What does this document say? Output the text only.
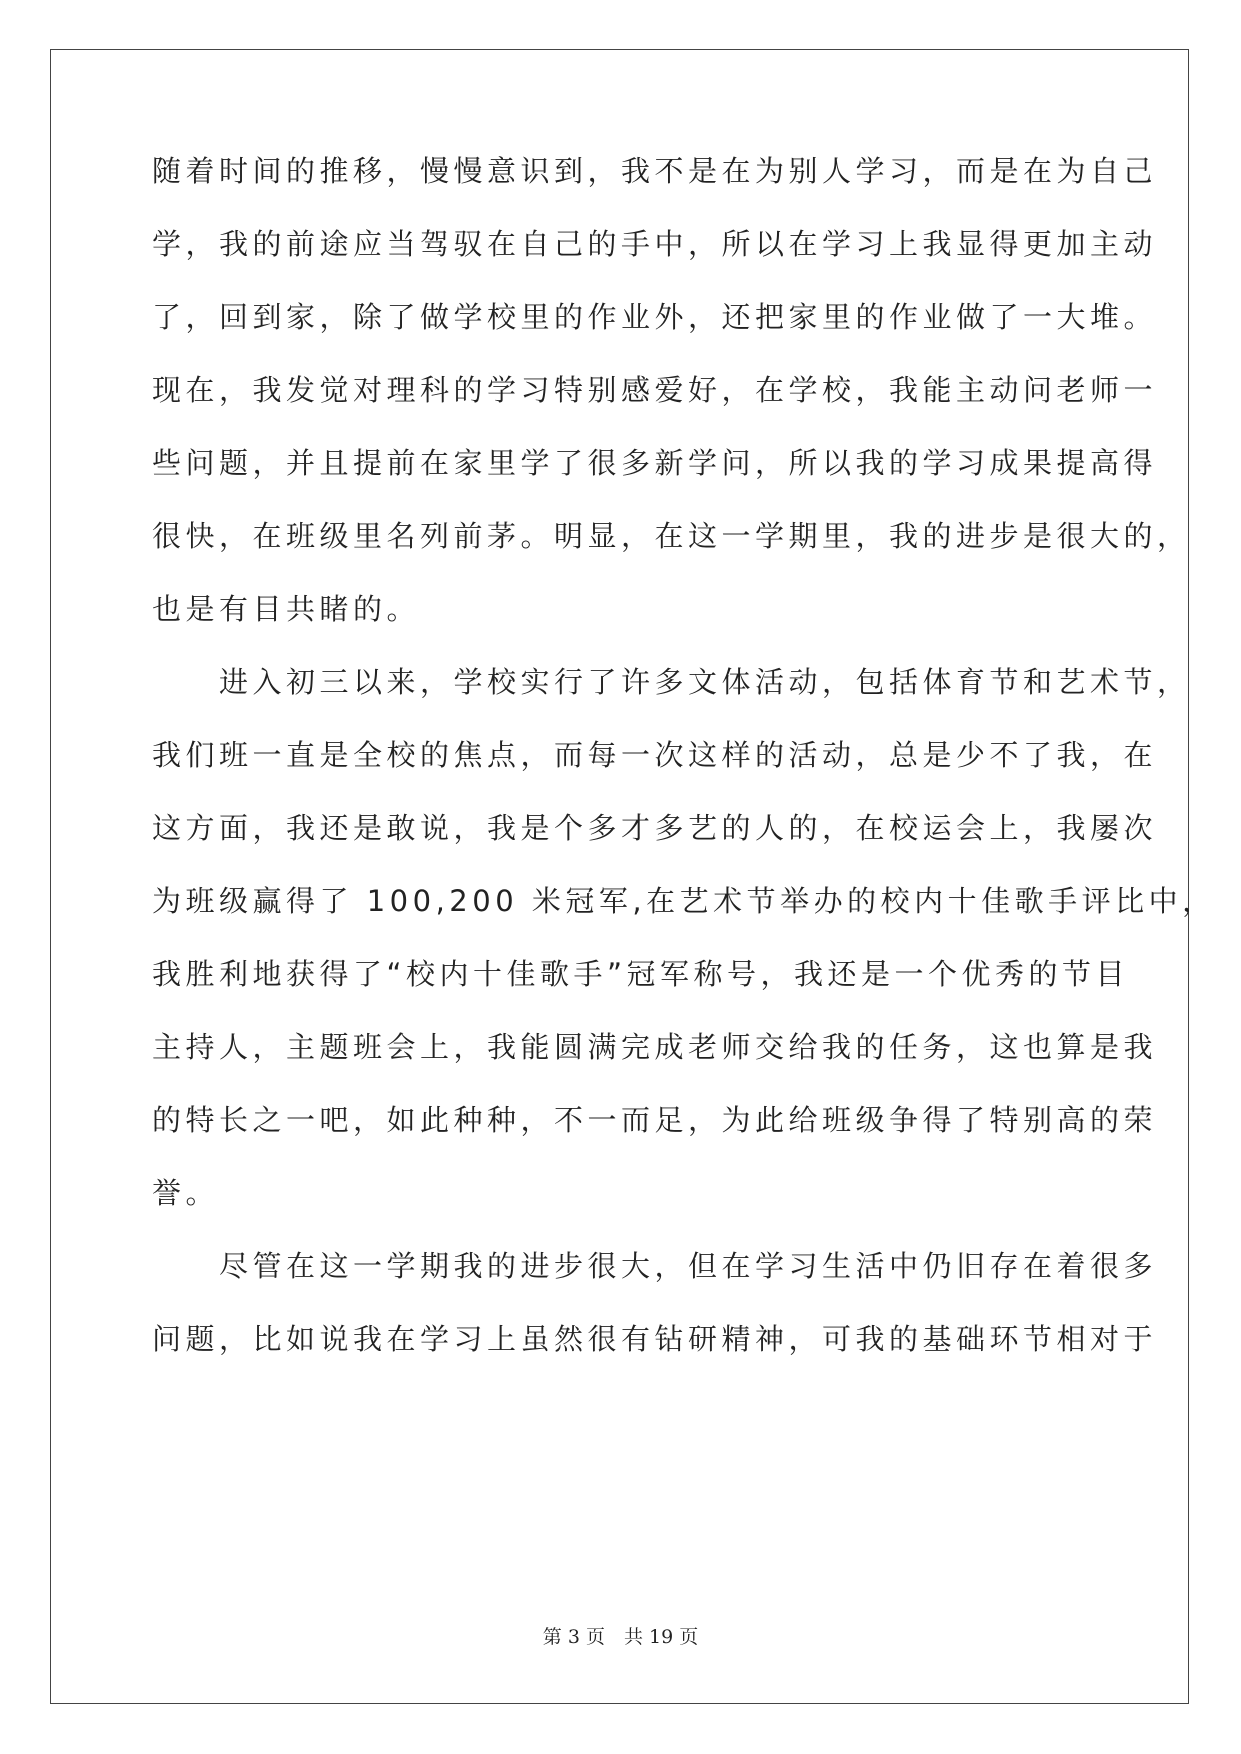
随着时间的推移，慢慢意识到，我不是在为别人学习，而是在为自己
学，我的前途应当驾驭在自己的手中，所以在学习上我显得更加主动
了，回到家，除了做学校里的作业外，还把家里的作业做了一大堆。
现在，我发觉对理科的学习特别感爱好，在学校，我能主动问老师一
些问题，并且提前在家里学了很多新学问，所以我的学习成果提高得
很快，在班级里名列前茅。明显，在这一学期里，我的进步是很大的，
也是有目共睹的。
　　进入初三以来，学校实行了许多文体活动，包括体育节和艺术节，
我们班一直是全校的焦点，而每一次这样的活动，总是少不了我，在
这方面，我还是敢说，我是个多才多艺的人的，在校运会上，我屡次
为班级赢得了 100,200 米冠军,在艺术节举办的校内十佳歌手评比中，
我胜利地获得了“校内十佳歌手”冠军称号，我还是一个优秀的节目
主持人，主题班会上，我能圆满完成老师交给我的任务，这也算是我
的特长之一吧，如此种种，不一而足，为此给班级争得了特别高的荣
誉。
　　尽管在这一学期我的进步很大，但在学习生活中仍旧存在着很多
问题，比如说我在学习上虽然很有钻研精神，可我的基础环节相对于
第 3 页　共 19 页
